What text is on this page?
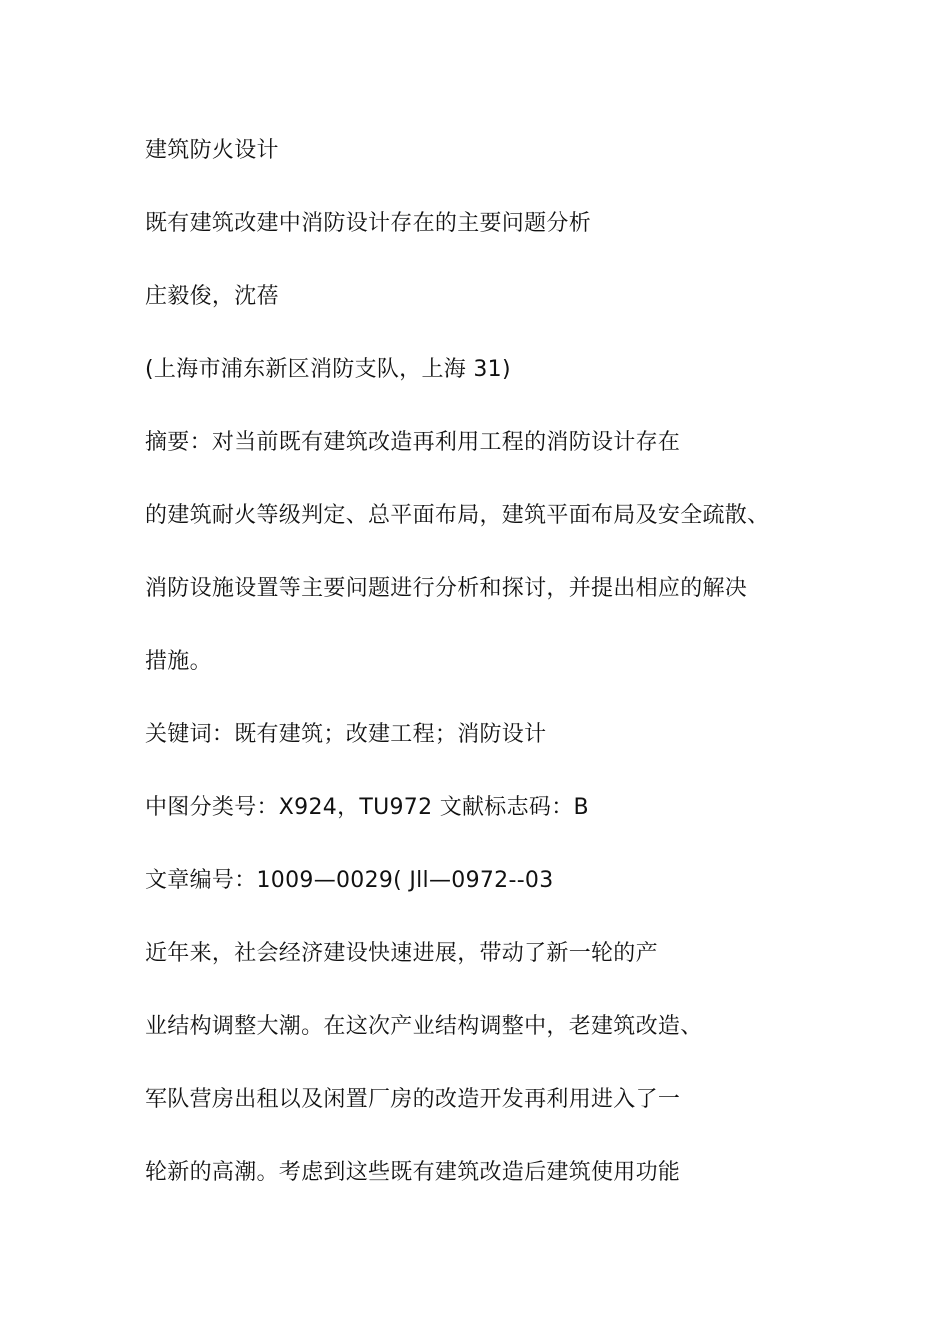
建筑防火设计
既有建筑改建中消防设计存在的主要问题分析
庄毅俊，沈蓓
(上海市浦东新区消防支队，上海 31)
摘要：对当前既有建筑改造再利用工程的消防设计存在
的建筑耐火等级判定、总平面布局，建筑平面布局及安全疏散、
消防设施设置等主要问题进行分析和探讨，并提出相应的解决
措施。
关键词：既有建筑；改建工程；消防设计
中图分类号：X924，TU972 文献标志码：B
文章编号：1009—0029( Jll—0972--03
近年来，社会经济建设快速进展，带动了新一轮的产
业结构调整大潮。在这次产业结构调整中，老建筑改造、
军队营房出租以及闲置厂房的改造开发再利用进入了一
轮新的高潮。考虑到这些既有建筑改造后建筑使用功能
